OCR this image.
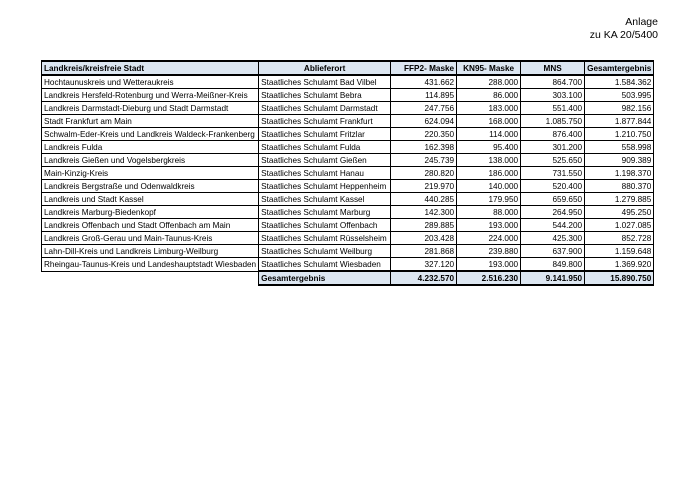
Anlage
zu KA 20/5400
Landkreis/kreisfreie Stadt	Ablieferort	FFP2- Maske	KN95- Maske	MNS	Gesamtergebnis
Hochtaunuskreis und Wetteraukreis	Staatliches Schulamt Bad Vilbel	431.662	288.000	864.700	1.584.362
Landkreis Hersfeld-Rotenburg und Werra-Meißner-Kreis	Staatliches Schulamt Bebra	114.895	86.000	303.100	503.995
Landkreis Darmstadt-Dieburg und Stadt Darmstadt	Staatliches Schulamt Darmstadt	247.756	183.000	551.400	982.156
Stadt Frankfurt am Main	Staatliches Schulamt Frankfurt	624.094	168.000	1.085.750	1.877.844
Schwalm-Eder-Kreis und Landkreis Waldeck-Frankenberg	Staatliches Schulamt Fritzlar	220.350	114.000	876.400	1.210.750
Landkreis Fulda	Staatliches Schulamt Fulda	162.398	95.400	301.200	558.998
Landkreis Gießen und Vogelsbergkreis	Staatliches Schulamt Gießen	245.739	138.000	525.650	909.389
Main-Kinzig-Kreis	Staatliches Schulamt Hanau	280.820	186.000	731.550	1.198.370
Landkreis Bergstraße und Odenwaldkreis	Staatliches Schulamt Heppenheim	219.970	140.000	520.400	880.370
Landkreis und Stadt Kassel	Staatliches Schulamt Kassel	440.285	179.950	659.650	1.279.885
Landkreis Marburg-Biedenkopf	Staatliches Schulamt Marburg	142.300	88.000	264.950	495.250
Landkreis Offenbach und Stadt Offenbach am Main	Staatliches Schulamt Offenbach	289.885	193.000	544.200	1.027.085
Landkreis Groß-Gerau und Main-Taunus-Kreis	Staatliches Schulamt Rüsselsheim	203.428	224.000	425.300	852.728
Lahn-Dill-Kreis und Landkreis Limburg-Weilburg	Staatliches Schulamt Weilburg	281.868	239.880	637.900	1.159.648
Rheingau-Taunus-Kreis und Landeshauptstadt Wiesbaden	Staatliches Schulamt Wiesbaden	327.120	193.000	849.800	1.369.920
	Gesamtergebnis	4.232.570	2.516.230	9.141.950	15.890.750
